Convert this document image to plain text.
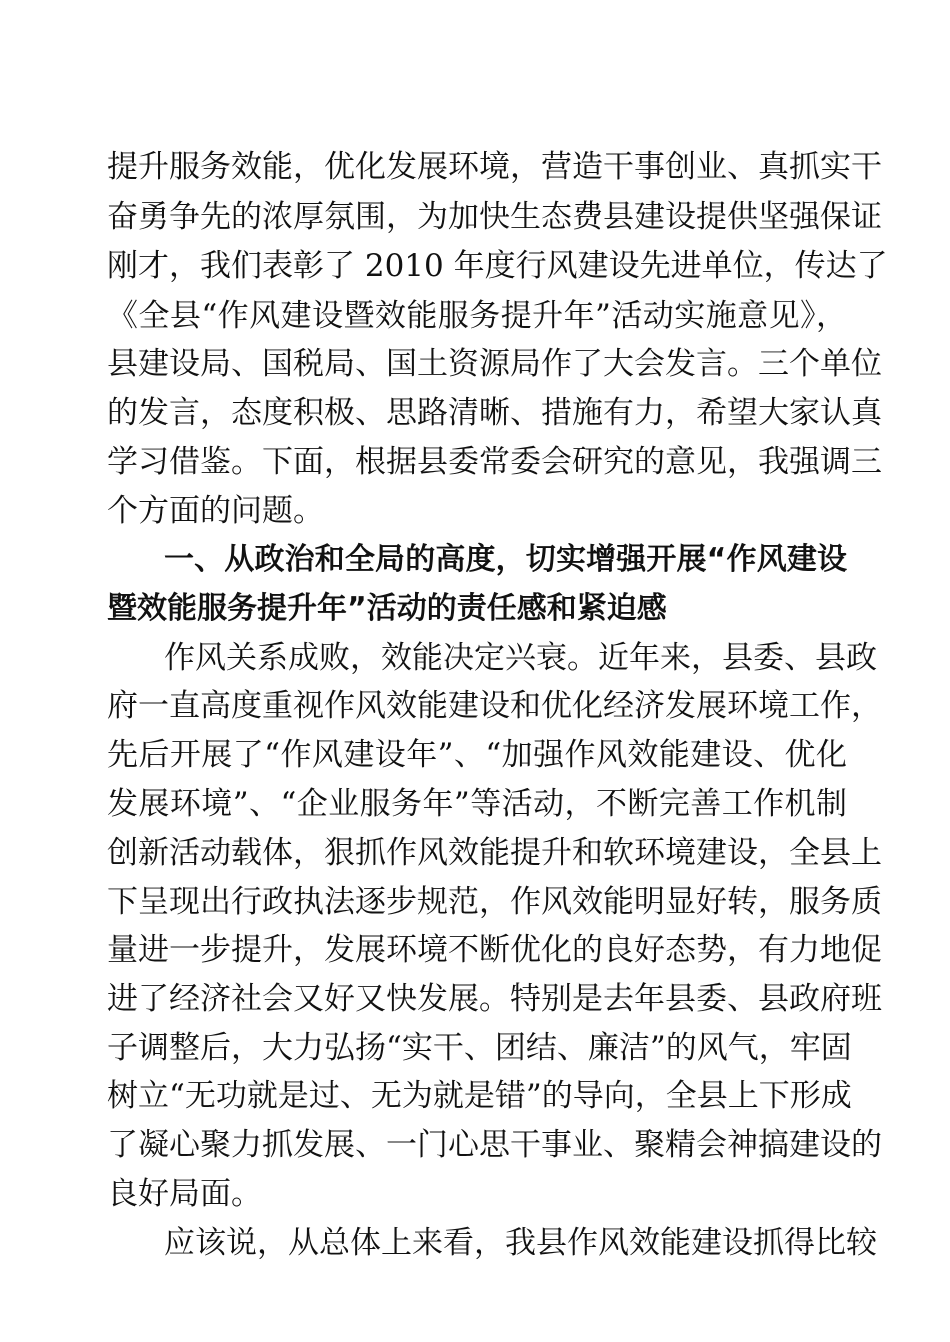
提升服务效能，优化发展环境，营造干事创业、真抓实干
奋勇争先的浓厚氛围，为加快生态费县建设提供坚强保证
刚才，我们表彰了 2010 年度行风建设先进单位，传达了
《全县“作风建设暨效能服务提升年”活动实施意见》，
县建设局、国税局、国土资源局作了大会发言。三个单位
的发言，态度积极、思路清晰、措施有力，希望大家认真
学习借鉴。下面，根据县委常委会研究的意见，我强调三
个方面的问题。
一、从政治和全局的高度，切实增强开展“作风建设
暨效能服务提升年”活动的责任感和紧迫感
作风关系成败，效能决定兴衰。近年来，县委、县政
府一直高度重视作风效能建设和优化经济发展环境工作，
先后开展了“作风建设年”、“加强作风效能建设、优化
发展环境”、“企业服务年”等活动，不断完善工作机制
创新活动载体，狠抓作风效能提升和软环境建设，全县上
下呈现出行政执法逐步规范，作风效能明显好转，服务质
量进一步提升，发展环境不断优化的良好态势，有力地促
进了经济社会又好又快发展。特别是去年县委、县政府班
子调整后，大力弘扬“实干、团结、廉洁”的风气，牢固
树立“无功就是过、无为就是错”的导向，全县上下形成
了凝心聚力抓发展、一门心思干事业、聚精会神搞建设的
良好局面。
应该说，从总体上来看，我县作风效能建设抓得比较
